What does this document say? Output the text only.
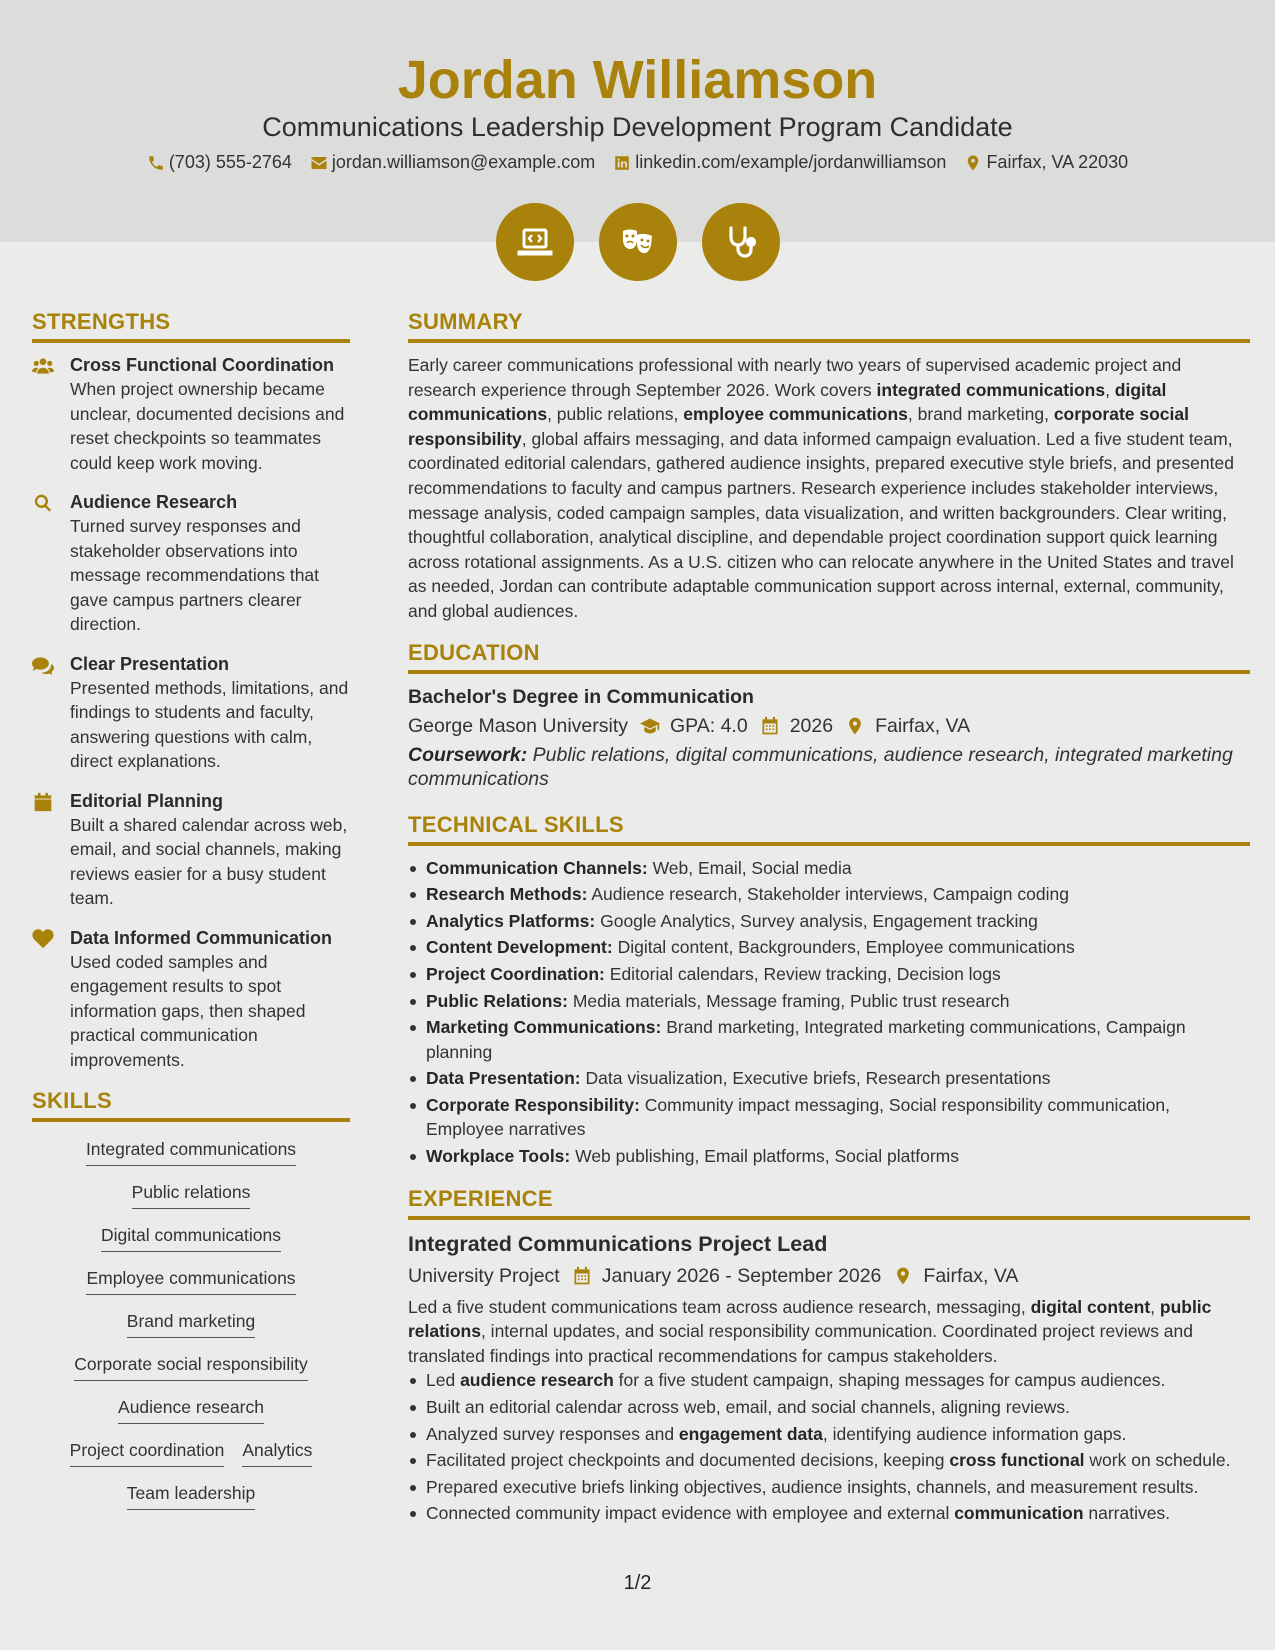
Jordan Williamson
Communications Leadership Development Program Candidate
(703) 555-2764 jordan.williamson@example.com linkedin.com/example/jordanwilliamson Fairfax, VA 22030
STRENGTHS
Cross Functional Coordination
When project ownership became unclear, documented decisions and reset checkpoints so teammates could keep work moving.
Audience Research
Turned survey responses and stakeholder observations into message recommendations that gave campus partners clearer direction.
Clear Presentation
Presented methods, limitations, and findings to students and faculty, answering questions with calm, direct explanations.
Editorial Planning
Built a shared calendar across web, email, and social channels, making reviews easier for a busy student team.
Data Informed Communication
Used coded samples and engagement results to spot information gaps, then shaped practical communication improvements.
SKILLS
Integrated communications
Public relations
Digital communications
Employee communications
Brand marketing
Corporate social responsibility
Audience research
Project coordination Analytics
Team leadership
SUMMARY

Early career communications professional with nearly two years of supervised academic project and research experience through September 2026. Work covers integrated communications, digital communications, public relations, employee communications, brand marketing, corporate social responsibility, global affairs messaging, and data informed campaign evaluation. Led a five student team, coordinated editorial calendars, gathered audience insights, prepared executive style briefs, and presented recommendations to faculty and campus partners. Research experience includes stakeholder interviews, message analysis, coded campaign samples, data visualization, and written backgrounders. Clear writing, thoughtful collaboration, analytical discipline, and dependable project coordination support quick learning across rotational assignments. As a U.S. citizen who can relocate anywhere in the United States and travel as needed, Jordan can contribute adaptable communication support across internal, external, community, and global audiences.

EDUCATION
Bachelor's Degree in Communication
George Mason University GPA: 4.0 2026 Fairfax, VA
Coursework: Public relations, digital communications, audience research, integrated marketing communications
TECHNICAL SKILLS
Communication Channels: Web, Email, Social media
Research Methods: Audience research, Stakeholder interviews, Campaign coding
Analytics Platforms: Google Analytics, Survey analysis, Engagement tracking
Content Development: Digital content, Backgrounders, Employee communications
Project Coordination: Editorial calendars, Review tracking, Decision logs
Public Relations: Media materials, Message framing, Public trust research
Marketing Communications: Brand marketing, Integrated marketing communications, Campaign planning
Data Presentation: Data visualization, Executive briefs, Research presentations
Corporate Responsibility: Community impact messaging, Social responsibility communication, Employee narratives
Workplace Tools: Web publishing, Email platforms, Social platforms
EXPERIENCE
Integrated Communications Project Lead
University Project January 2026 - September 2026 Fairfax, VA

Led a five student communications team across audience research, messaging, digital content, public relations, internal updates, and social responsibility communication. Coordinated project reviews and translated findings into practical recommendations for campus stakeholders.

Led audience research for a five student campaign, shaping messages for campus audiences.
Built an editorial calendar across web, email, and social channels, aligning reviews.
Analyzed survey responses and engagement data, identifying audience information gaps.
Facilitated project checkpoints and documented decisions, keeping cross functional work on schedule.
Prepared executive briefs linking objectives, audience insights, channels, and measurement results.
Connected community impact evidence with employee and external communication narratives.
1/2
